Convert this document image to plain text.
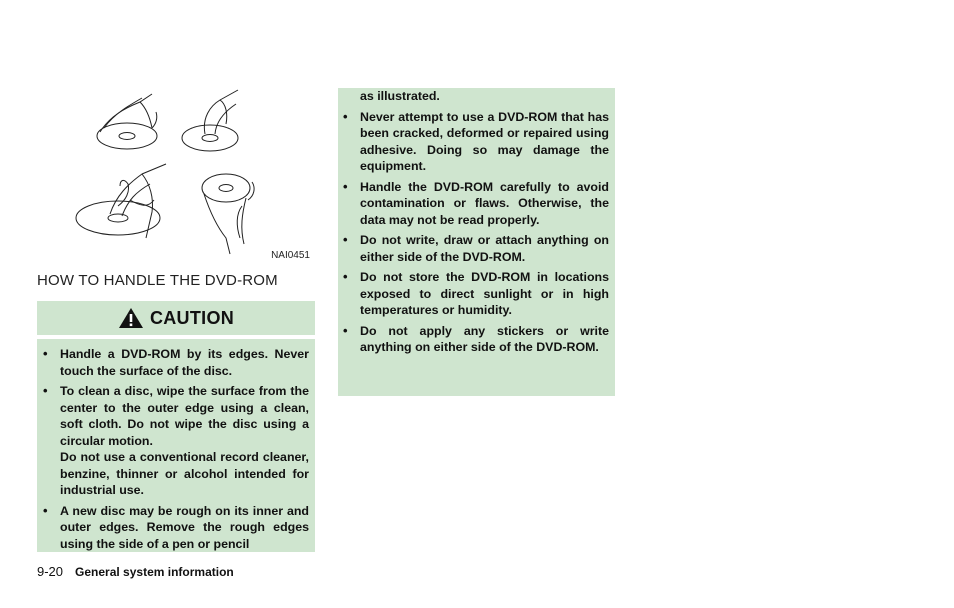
NAI0451
HOW TO HANDLE THE DVD-ROM
CAUTION
• Handle a DVD-ROM by its edges. Never touch the surface of the disc.

• To clean a disc, wipe the surface from the center to the outer edge using a clean, soft cloth. Do not wipe the disc using a circular motion.

Do not use a conventional record cleaner, benzine, thinner or alcohol intended for industrial use.

• A new disc may be rough on its inner and outer edges. Remove the rough edges using the side of a pen or pencil

as illustrated.

• Never attempt to use a DVD-ROM that has been cracked, deformed or repaired using adhesive. Doing so may damage the equipment.
• Handle the DVD-ROM carefully to avoid contamination or flaws. Otherwise, the data may not be read properly.
• Do not write, draw or attach anything on either side of the DVD-ROM.
• Do not store the DVD-ROM in locations exposed to direct sunlight or in high temperatures or humidity.
• Do not apply any stickers or write anything on either side of the DVD-ROM.
9-20 General system information
